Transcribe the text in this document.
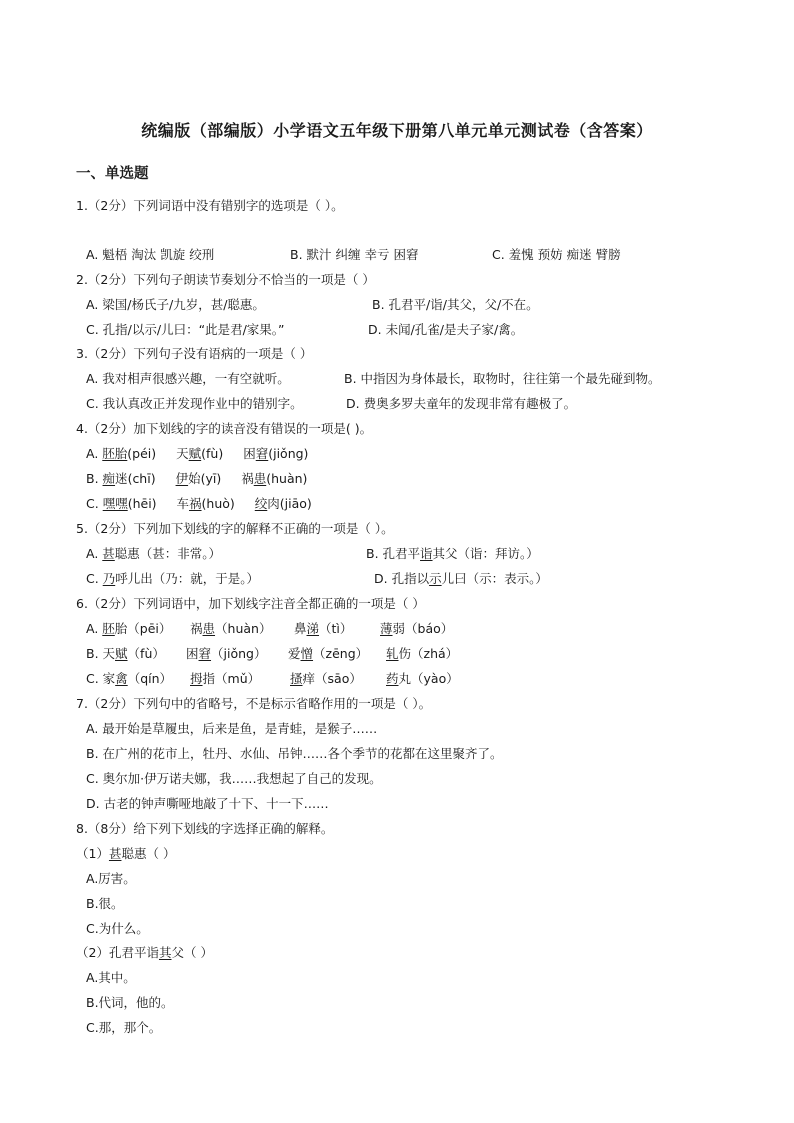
统编版（部编版）小学语文五年级下册第八单元单元测试卷（含答案）
一、单选题
1.（2分）下列词语中没有错别字的选项是（ ）。
A. 魁梧 淘汰 凯旋 绞刑	B. 默汁 纠缠 幸亏 困窘	C. 羞愧 预妨 痴迷 臂膀
2.（2分）下列句子朗读节奏划分不恰当的一项是（ ）
A. 梁国/杨氏子/九岁，甚/聪惠。	B. 孔君平/诣/其父，父/不在。
C. 孔指/以示/儿曰：“此是君/家果。”	D. 未闻/孔雀/是夫子家/禽。
3.（2分）下列句子没有语病的一项是（ ）
A. 我对相声很感兴趣，一有空就听。	B. 中指因为身体最长，取物时，往往第一个最先碰到物。
C. 我认真改正并发现作业中的错别字。	D. 费奥多罗夫童年的发现非常有趣极了。
4.（2分）加下划线的字的读音没有错误的一项是( )。
A. 胚胎(péi) 天赋(fù) 困窘(jiǒng)
B. 痴迷(chī) 伊始(yī) 祸患(huàn)
C. 嘿嘿(hēi) 车祸(huò) 绞肉(jiāo)
5.（2分）下列加下划线的字的解释不正确的一项是（ ）。
A. 甚聪惠（甚：非常。）	B. 孔君平诣其父（诣：拜访。）
C. 乃呼儿出（乃：就，于是。）	D. 孔指以示儿曰（示：表示。）
6.（2分）下列词语中，加下划线字注音全都正确的一项是（ ）
A. 胚胎（pēi） 祸患（huàn） 鼻涕（tì） 薄弱（báo）
B. 天赋（fù） 困窘（jiǒng） 爱憎（zēng） 轧伤（zhá）
C. 家禽（qín） 拇指（mǔ） 搔痒（sāo） 药丸（yào）
7.（2分）下列句中的省略号，不是标示省略作用的一项是（ ）。
A. 最开始是草履虫，后来是鱼，是青蛙，是猴子……
B. 在广州的花市上，牡丹、水仙、吊钟……各个季节的花都在这里聚齐了。
C. 奥尔加·伊万诺夫娜，我……我想起了自己的发现。
D. 古老的钟声嘶哑地敲了十下、十一下……
8.（8分）给下列下划线的字选择正确的解释。
（1）甚聪惠（ ）
A.厉害。
B.很。
C.为什么。
（2）孔君平诣其父（ ）
A.其中。
B.代词，他的。
C.那，那个。
